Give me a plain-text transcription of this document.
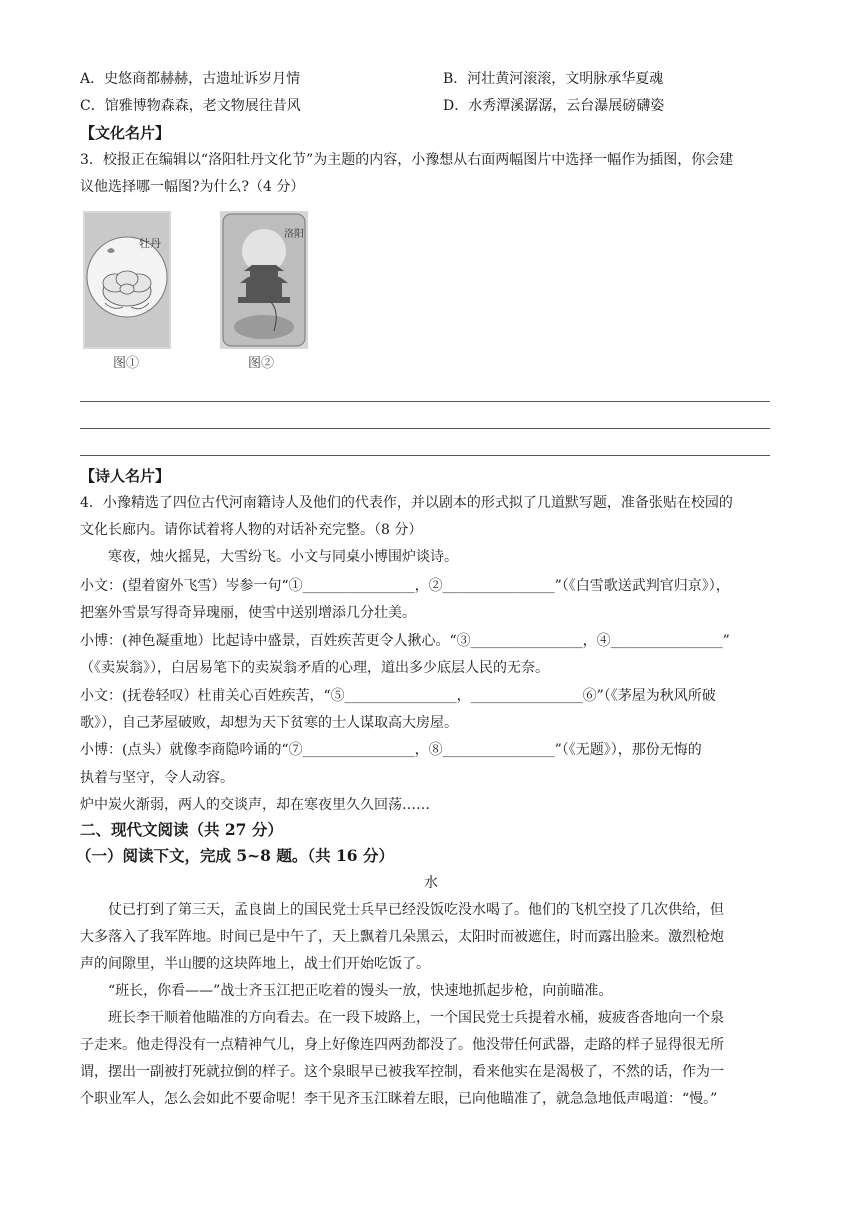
A．史悠商都赫赫，古遗址诉岁月情	B．河壮黄河滚滚，文明脉承华夏魂
C．馆雅博物森森，老文物展往昔风	D．水秀潭溪潺潺，云台瀑展磅礴姿
【文化名片】
3．校报正在编辑以“洛阳牡丹文化节”为主题的内容，小豫想从右面两幅图片中选择一幅作为插图，你会建
议他选择哪一幅图?为什么?（4 分）
牡丹
图①
洛阳
图②
【诗人名片】
4．小豫精选了四位古代河南籍诗人及他们的代表作，并以剧本的形式拟了几道默写题，准备张贴在校园的
文化长廊内。请你试着将人物的对话补充完整。（8 分）
寒夜，烛火摇晃，大雪纷飞。小文与同桌小博围炉谈诗。
小文：(望着窗外飞雪）岑参一句“①________________，②________________”（《白雪歌送武判官归京》），
把塞外雪景写得奇异瑰丽，使雪中送别增添几分壮美。
小博：(神色凝重地）比起诗中盛景，百姓疾苦更令人揪心。“③________________，④________________”
（《卖炭翁》），白居易笔下的卖炭翁矛盾的心理，道出多少底层人民的无奈。
小文：(抚卷轻叹）杜甫关心百姓疾苦，“⑤________________，________________⑥”（《茅屋为秋风所破
歌》），自己茅屋破败，却想为天下贫寒的士人谋取高大房屋。
小博：(点头）就像李商隐吟诵的“⑦________________，⑧________________”（《无题》），那份无悔的
执着与坚守，令人动容。
炉中炭火渐弱，两人的交谈声，却在寒夜里久久回荡……
二、现代文阅读（共 27 分）
（一）阅读下文，完成 5~8 题。（共 16 分）
水
仗已打到了第三天，孟良崮上的国民党士兵早已经没饭吃没水喝了。他们的飞机空投了几次供给，但
大多落入了我军阵地。时间已是中午了，天上飘着几朵黑云，太阳时而被遮住，时而露出脸来。激烈枪炮
声的间隙里，半山腰的这块阵地上，战士们开始吃饭了。
“班长，你看——”战士齐玉江把正吃着的馒头一放，快速地抓起步枪，向前瞄准。
班长李干顺着他瞄准的方向看去。在一段下坡路上，一个国民党士兵提着水桶，疲疲沓沓地向一个泉
子走来。他走得没有一点精神气儿，身上好像连四两劲都没了。他没带任何武器，走路的样子显得很无所
谓，摆出一副被打死就拉倒的样子。这个泉眼早已被我军控制，看来他实在是渴极了，不然的话，作为一
个职业军人，怎么会如此不要命呢！李干见齐玉江眯着左眼，已向他瞄准了，就急急地低声喝道：“慢。”
